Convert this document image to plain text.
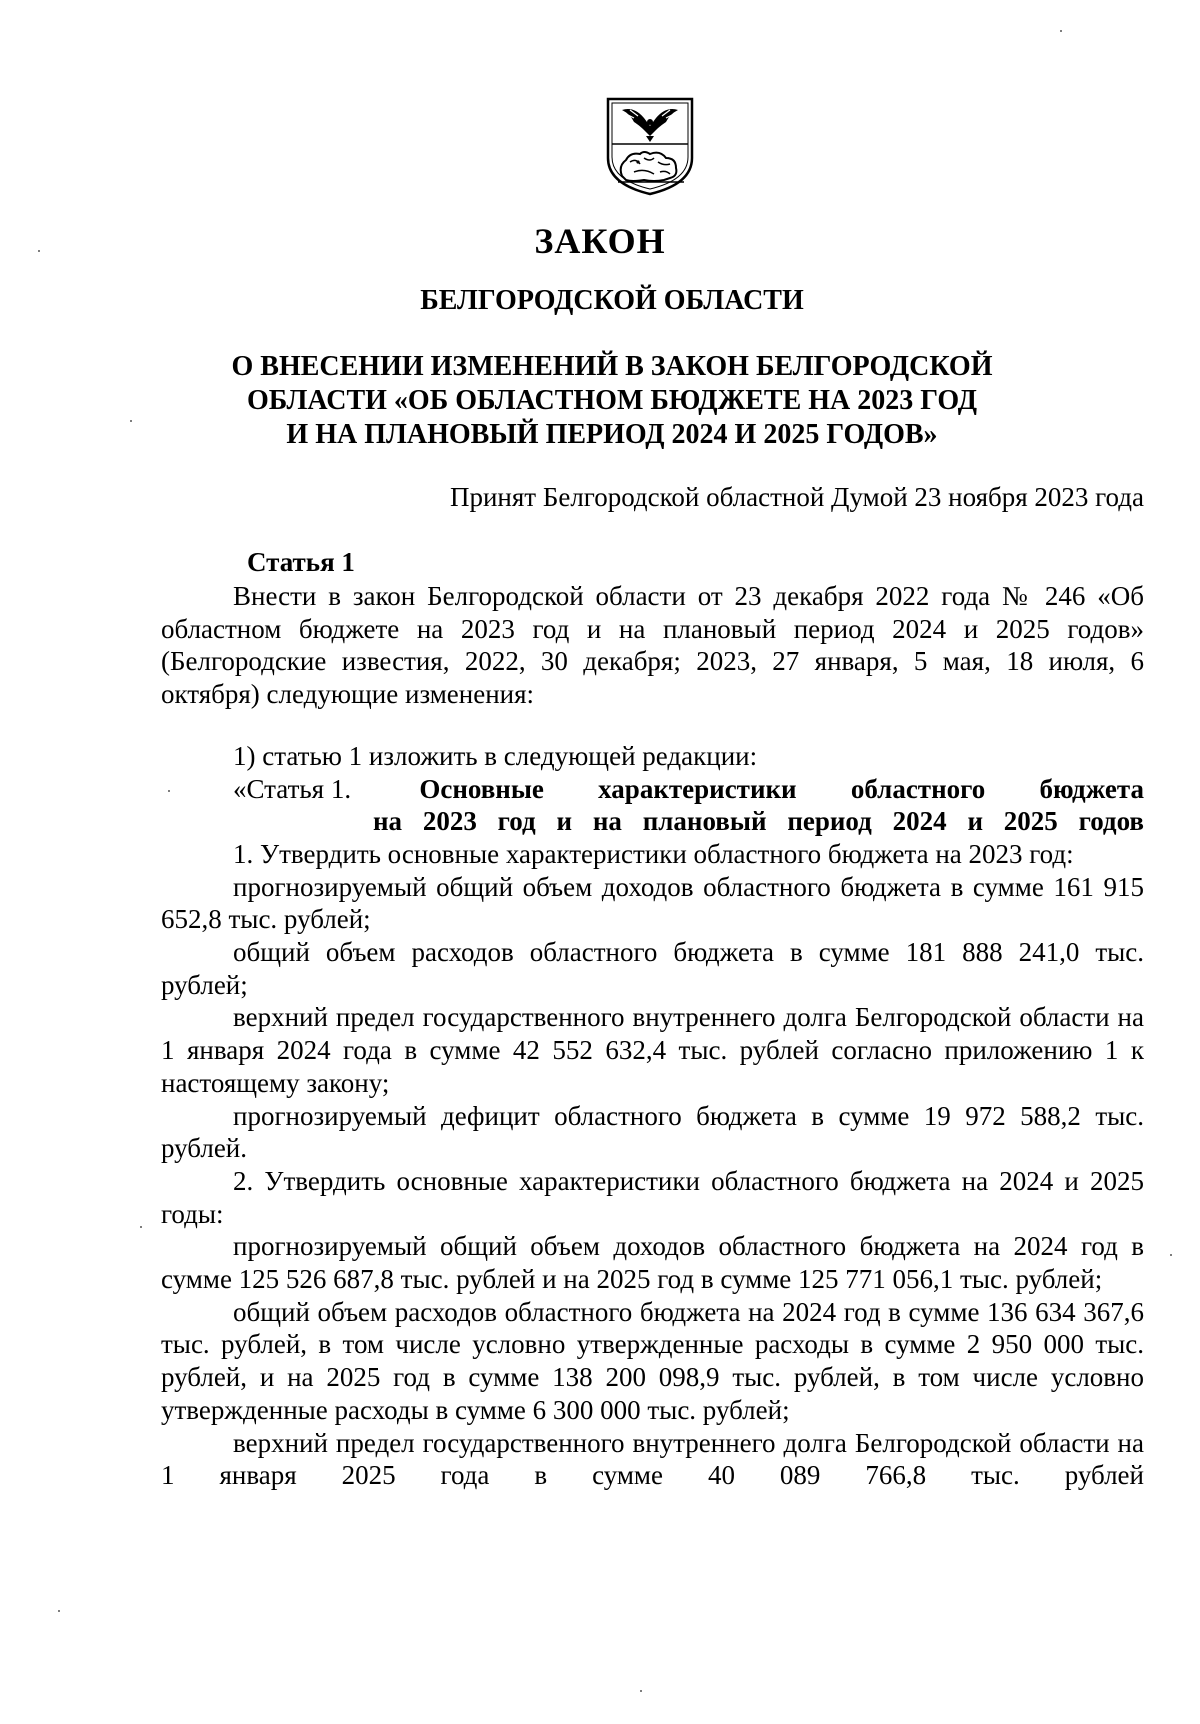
ЗАКОН
БЕЛГОРОДСКОЙ ОБЛАСТИ
О ВНЕСЕНИИ ИЗМЕНЕНИЙ В ЗАКОН БЕЛГОРОДСКОЙ
ОБЛАСТИ «ОБ ОБЛАСТНОМ БЮДЖЕТЕ НА 2023 ГОД
И НА ПЛАНОВЫЙ ПЕРИОД 2024 И 2025 ГОДОВ»
Принят Белгородской областной Думой 23 ноября 2023 года
Статья 1

Внести в закон Белгородской области от 23 декабря 2022 года № 246 «Об областном бюджете на 2023 год и на плановый период 2024 и 2025 годов» (Белгородские известия, 2022, 30 декабря; 2023, 27 января, 5 мая, 18 июля, 6 октября) следующие изменения:

1) статью 1 изложить в следующей редакции:

«Статья 1.	Основные характеристики областного бюджета

на 2023 год и на плановый период 2024 и 2025 годов

1. Утвердить основные характеристики областного бюджета на 2023 год:

прогнозируемый общий объем доходов областного бюджета в сумме 161 915 652,8 тыс. рублей;

общий объем расходов областного бюджета в сумме 181 888 241,0 тыс. рублей;

верхний предел государственного внутреннего долга Белгородской области на 1 января 2024 года в сумме 42 552 632,4 тыс. рублей согласно приложению 1 к настоящему закону;

прогнозируемый дефицит областного бюджета в сумме 19 972 588,2 тыс. рублей.

2. Утвердить основные характеристики областного бюджета на 2024 и 2025 годы:

прогнозируемый общий объем доходов областного бюджета на 2024 год в сумме 125 526 687,8 тыс. рублей и на 2025 год в сумме 125 771 056,1 тыс. рублей;

общий объем расходов областного бюджета на 2024 год в сумме 136 634 367,6 тыс. рублей, в том числе условно утвержденные расходы в сумме 2 950 000 тыс. рублей, и на 2025 год в сумме 138 200 098,9 тыс. рублей, в том числе условно утвержденные расходы в сумме 6 300 000 тыс. рублей;

верхний предел государственного внутреннего долга Белгородской области на 1 января 2025 года в сумме 40 089 766,8 тыс. рублей
